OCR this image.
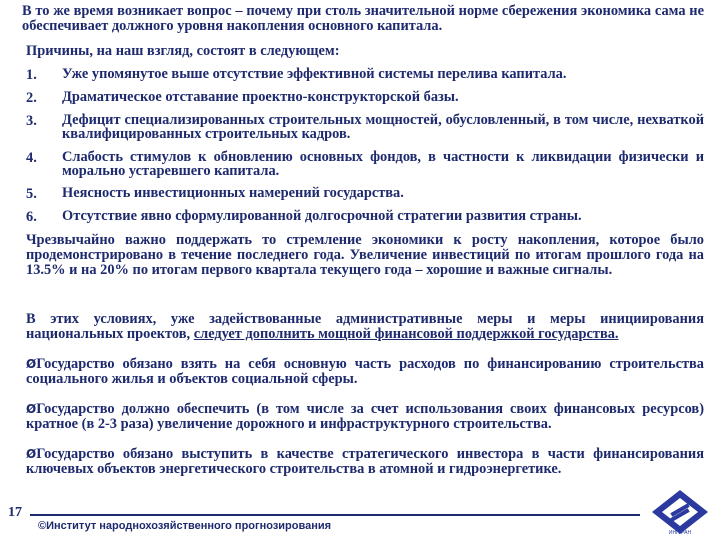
В то же время возникает вопрос – почему при столь значительной норме сбережения экономика сама не обеспечивает должного уровня накопления основного капитала.

Причины, на наш взгляд, состоят в следующем:

1. Уже упомянутое выше отсутствие эффективной системы перелива капитала.
2. Драматическое отставание проектно-конструкторской базы.
3. Дефицит специализированных строительных мощностей, обусловленный, в том числе, нехваткой квалифицированных строительных кадров.
4. Слабость стимулов к обновлению основных фондов, в частности к ликвидации физически и морально устаревшего капитала.
5. Неясность инвестиционных намерений государства.
6. Отсутствие явно сформулированной долгосрочной стратегии развития страны.

Чрезвычайно важно поддержать то стремление экономики к росту накопления, которое было продемонстрировано в течение последнего года. Увеличение инвестиций по итогам прошлого года на 13.5% и на 20% по итогам первого квартала текущего года – хорошие и важные сигналы.

В этих условиях, уже задействованные административные меры и меры инициирования национальных проектов, следует дополнить мощной финансовой поддержкой государства.

ØГосударство обязано взять на себя основную часть расходов по финансированию строительства социального жилья и объектов социальной сферы.

ØГосударство должно обеспечить (в том числе за счет использования своих финансовых ресурсов) кратное (в 2-3 раза) увеличение дорожного и инфраструктурного строительства.

ØГосударство обязано выступить в качестве стратегического инвестора в части финансирования ключевых объектов энергетического строительства в атомной и гидроэнергетике.

17
©Институт народнохозяйственного прогнозирования
ИНП РАН
